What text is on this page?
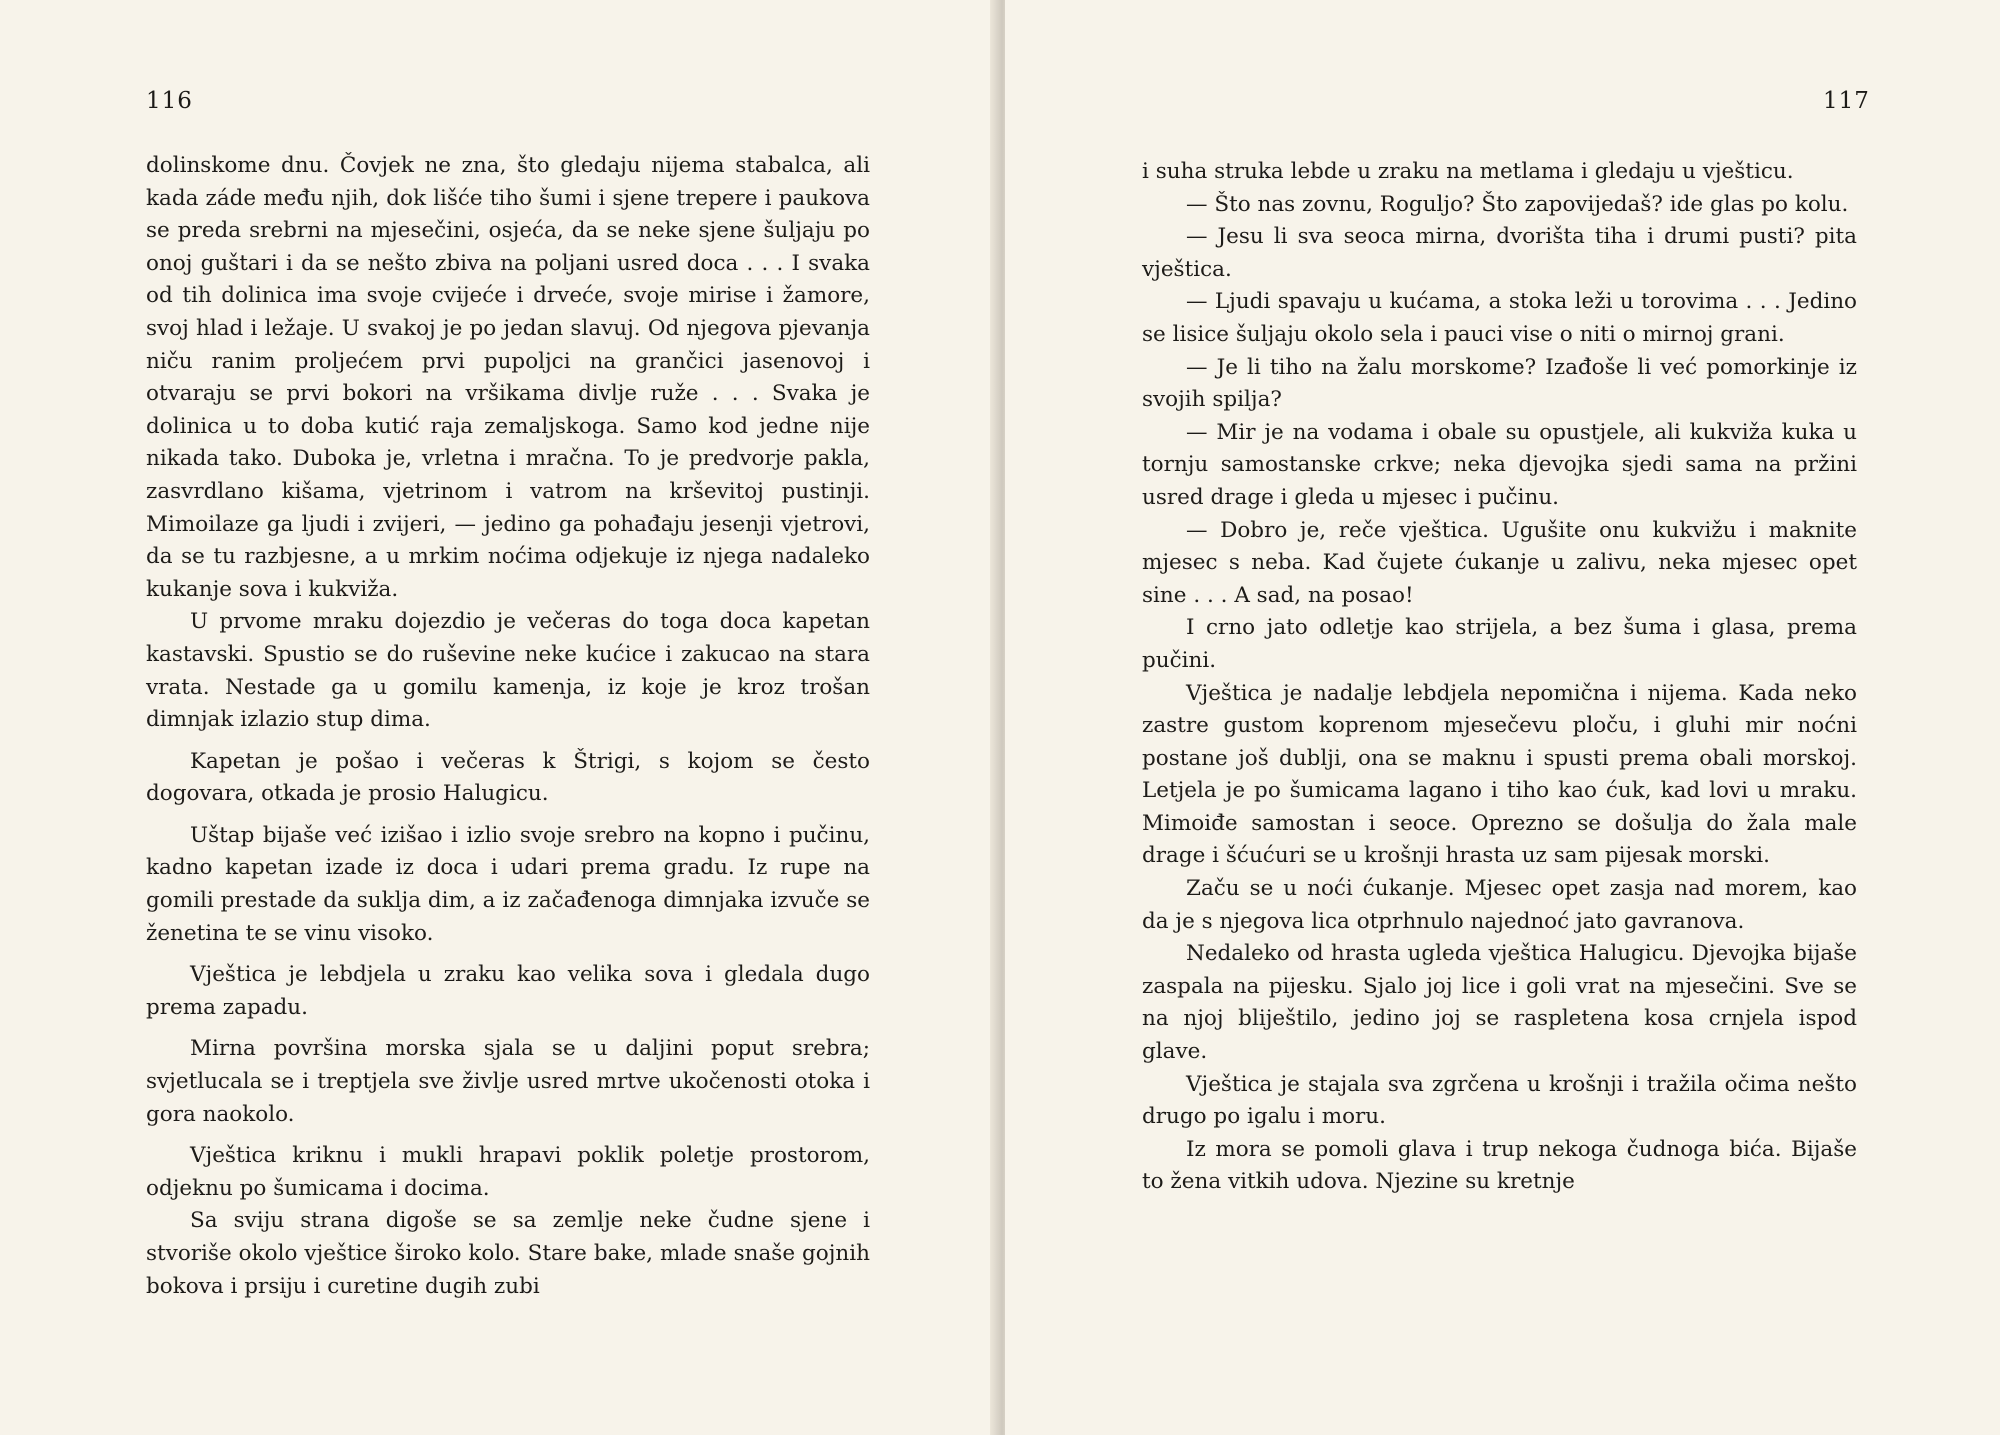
116

dolinskome dnu. Čovjek ne zna, što gledaju nijema stabalca, ali kada záde među njih, dok lišće tiho šumi i sjene trepere i paukova se preda srebrni na mjesečini, osjeća, da se neke sjene šuljaju po onoj guštari i da se nešto zbiva na poljani usred doca . . . I svaka od tih dolinica ima svoje cvijeće i drveće, svoje mirise i žamore, svoj hlad i ležaje. U svakoj je po jedan slavuj. Od njegova pjevanja niču ranim proljećem prvi pupoljci na grančici jasenovoj i otvaraju se prvi bokori na vršikama divlje ruže . . . Svaka je dolinica u to doba kutić raja zemaljskoga. Samo kod jedne nije nikada tako. Duboka je, vrletna i mračna. To je predvorje pakla, zasvrdlano kišama, vjetrinom i vatrom na krševitoj pustinji. Mimoilaze ga ljudi i zvijeri, — jedino ga pohađaju jesenji vjetrovi, da se tu razbjesne, a u mrkim noćima odjekuje iz njega nadaleko kukanje sova i kukviža.

U prvome mraku dojezdio je večeras do toga doca kapetan kastavski. Spustio se do ruševine neke kućice i zakucao na stara vrata. Nestade ga u gomilu kamenja, iz koje je kroz trošan dimnjak izlazio stup dima.

Kapetan je pošao i večeras k Štrigi, s kojom se često dogovara, otkada je prosio Halugicu.

Uštap bijaše već izišao i izlio svoje srebro na kopno i pučinu, kadno kapetan izade iz doca i udari prema gradu. Iz rupe na gomili prestade da suklja dim, a iz začađenoga dimnjaka izvuče se ženetina te se vinu visoko.

Vještica je lebdjela u zraku kao velika sova i gledala dugo prema zapadu.

Mirna površina morska sjala se u daljini poput srebra; svjetlucala se i treptjela sve življe usred mrtve ukočenosti otoka i gora naokolo.

Vještica kriknu i mukli hrapavi poklik poletje prostorom, odjeknu po šumicama i docima.

Sa sviju strana digoše se sa zemlje neke čudne sjene i stvoriše okolo vještice široko kolo. Stare bake, mlade snaše gojnih bokova i prsiju i curetine dugih zubi

117

i suha struka lebde u zraku na metlama i gledaju u vješticu.

— Što nas zovnu, Roguljo? Što zapovijedaš? ide glas po kolu.

— Jesu li sva seoca mirna, dvorišta tiha i drumi pusti? pita vještica.

— Ljudi spavaju u kućama, a stoka leži u torovima . . . Jedino se lisice šuljaju okolo sela i pauci vise o niti o mirnoj grani.

— Je li tiho na žalu morskome? Izađoše li već pomorkinje iz svojih spilja?

— Mir je na vodama i obale su opustjele, ali kukviža kuka u tornju samostanske crkve; neka djevojka sjedi sama na pržini usred drage i gleda u mjesec i pučinu.

— Dobro je, reče vještica. Ugušite onu kukvižu i maknite mjesec s neba. Kad čujete ćukanje u zalivu, neka mjesec opet sine . . . A sad, na posao!

I crno jato odletje kao strijela, a bez šuma i glasa, prema pučini.

Vještica je nadalje lebdjela nepomična i nijema. Kada neko zastre gustom koprenom mjesečevu ploču, i gluhi mir noćni postane još dublji, ona se maknu i spusti prema obali morskoj. Letjela je po šumicama lagano i tiho kao ćuk, kad lovi u mraku. Mimoiđe samostan i seoce. Oprezno se došulja do žala male drage i šćućuri se u krošnji hrasta uz sam pijesak morski.

Začu se u noći ćukanje. Mjesec opet zasja nad morem, kao da je s njegova lica otprhnulo najednoć jato gavranova.

Nedaleko od hrasta ugleda vještica Halugicu. Djevojka bijaše zaspala na pijesku. Sjalo joj lice i goli vrat na mjesečini. Sve se na njoj bliještilo, jedino joj se raspletena kosa crnjela ispod glave.

Vještica je stajala sva zgrčena u krošnji i tražila očima nešto drugo po igalu i moru.

Iz mora se pomoli glava i trup nekoga čudnoga bića. Bijaše to žena vitkih udova. Njezine su kretnje
